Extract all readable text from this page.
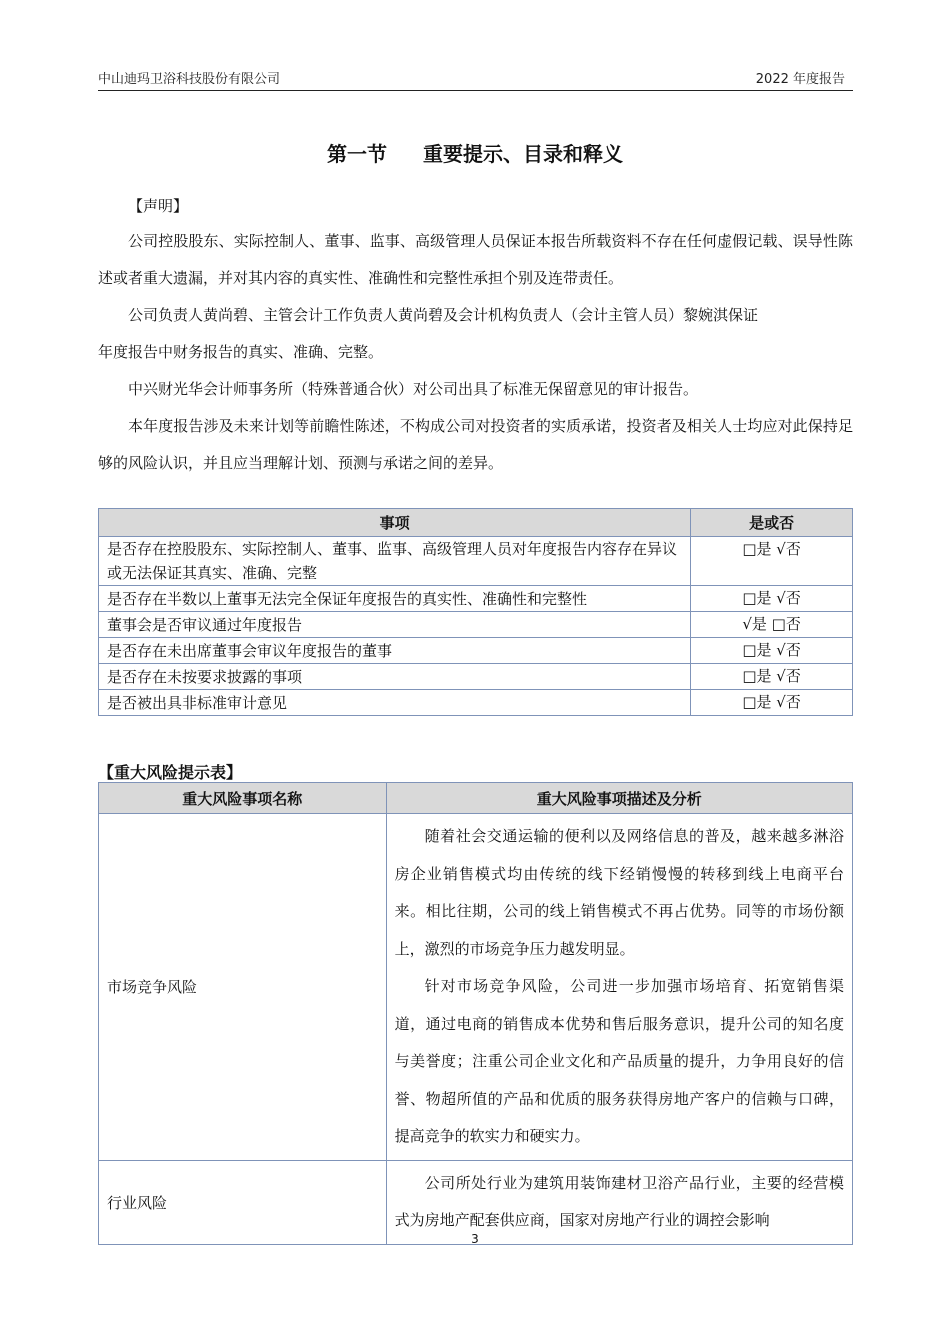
中山迪玛卫浴科技股份有限公司	2022 年度报告
第一节 重要提示、目录和释义

【声明】

公司控股股东、实际控制人、董事、监事、高级管理人员保证本报告所载资料不存在任何虚假记载、误导性陈述或者重大遗漏，并对其内容的真实性、准确性和完整性承担个别及连带责任。

公司负责人黄尚碧、主管会计工作负责人黄尚碧及会计机构负责人（会计主管人员）黎婉淇保证

年度报告中财务报告的真实、准确、完整。

中兴财光华会计师事务所（特殊普通合伙）对公司出具了标准无保留意见的审计报告。

本年度报告涉及未来计划等前瞻性陈述，不构成公司对投资者的实质承诺，投资者及相关人士均应对此保持足够的风险认识，并且应当理解计划、预测与承诺之间的差异。

事项	是或否
是否存在控股股东、实际控制人、董事、监事、高级管理人员对年度报告内容存在异议或无法保证其真实、准确、完整	□是 √否
是否存在半数以上董事无法完全保证年度报告的真实性、准确性和完整性	□是 √否
董事会是否审议通过年度报告	√是 □否
是否存在未出席董事会审议年度报告的董事	□是 √否
是否存在未按要求披露的事项	□是 √否
是否被出具非标准审计意见	□是 √否

【重大风险提示表】

重大风险事项名称	重大风险事项描述及分析
市场竞争风险	随着社会交通运输的便利以及网络信息的普及，越来越多淋浴房企业销售模式均由传统的线下经销慢慢的转移到线上电商平台来。相比往期，公司的线上销售模式不再占优势。同等的市场份额上，激烈的市场竞争压力越发明显。

针对市场竞争风险，公司进一步加强市场培育、拓宽销售渠道，通过电商的销售成本优势和售后服务意识，提升公司的知名度与美誉度；注重公司企业文化和产品质量的提升，力争用良好的信誉、物超所值的产品和优质的服务获得房地产客户的信赖与口碑，提高竞争的软实力和硬实力。

行业风险	公司所处行业为建筑用装饰建材卫浴产品行业，主要的经营模式为房地产配套供应商，国家对房地产行业的调控会影响

3
